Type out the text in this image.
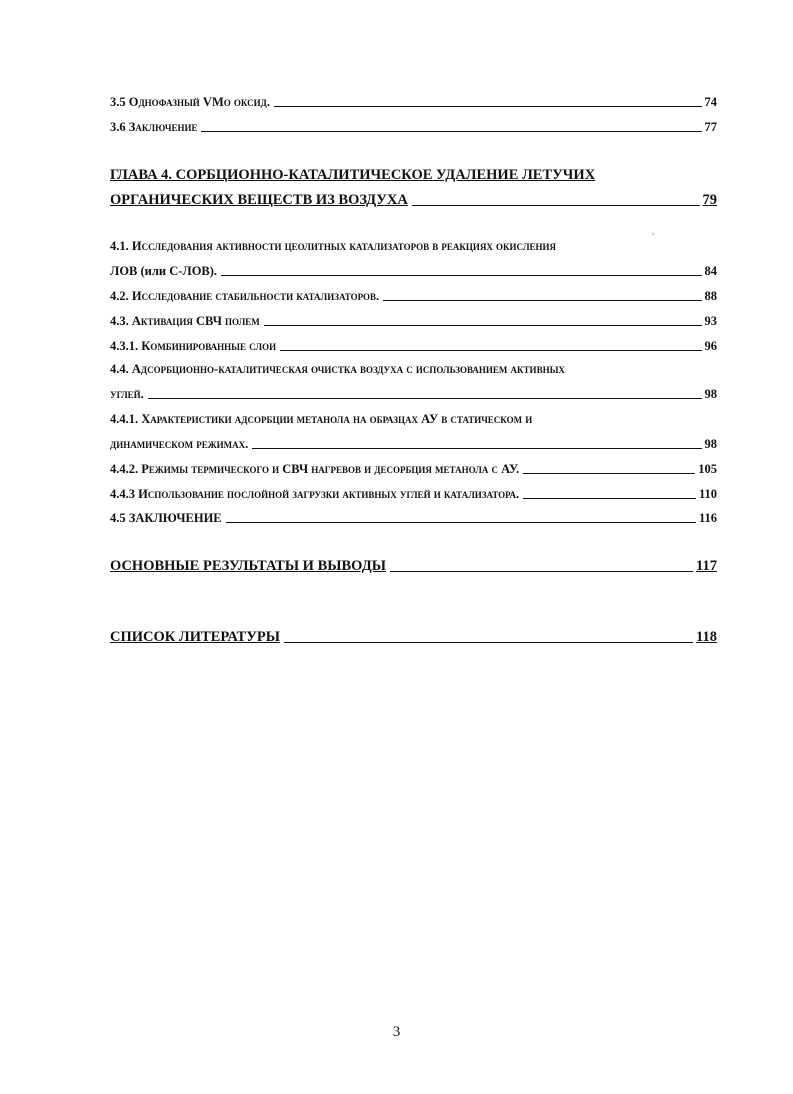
3.5 Однофазный VMo оксид.	74
3.6 Заключение	77
ГЛАВА 4. СОРБЦИОННО-КАТАЛИТИЧЕСКОЕ УДАЛЕНИЕ ЛЕТУЧИХ
ОРГАНИЧЕСКИХ ВЕЩЕСТВ ИЗ ВОЗДУХА	79
,
4.1. Исследования активности цеолитных катализаторов в реакциях окисления
ЛОВ (или С-ЛОВ).	84
4.2. Исследование стабильности катализаторов.	88
4.3. Активация СВЧ полем	93
4.3.1. Комбинированные слои	96
4.4. Адсорбционно-каталитическая очистка воздуха с использованием активных
углей.	98
4.4.1. Характеристики адсорбции метанола на образцах АУ в статическом и
динамическом режимах.	98
4.4.2. Режимы термического и СВЧ нагревов и десорбция метанола с АУ.	105
4.4.3 Использование послойной загрузки активных углей и катализатора.	110
4.5 ЗАКЛЮЧЕНИЕ	116
ОСНОВНЫЕ РЕЗУЛЬТАТЫ И ВЫВОДЫ	117
СПИСОК ЛИТЕРАТУРЫ	118
3
